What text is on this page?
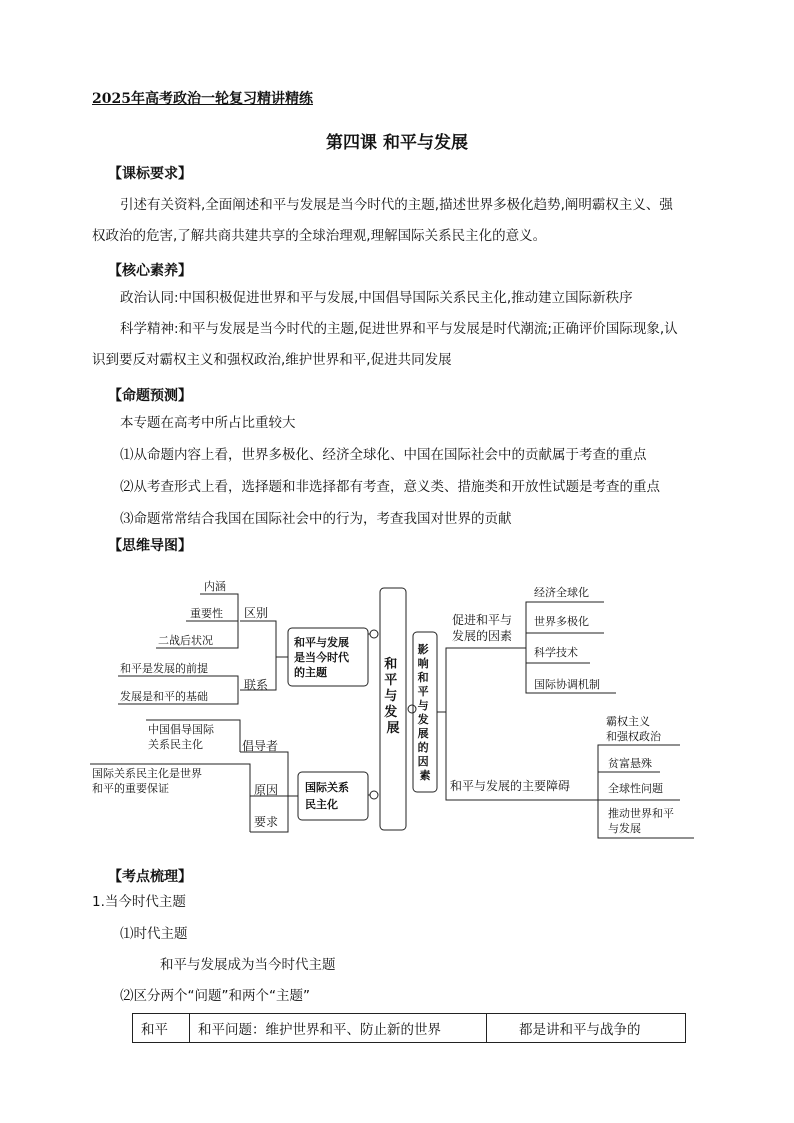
2025年高考政治一轮复习精讲精练
第四课 和平与发展
【课标要求】
引述有关资料,全面阐述和平与发展是当今时代的主题,描述世界多极化趋势,阐明霸权主义、强
权政治的危害,了解共商共建共享的全球治理观,理解国际关系民主化的意义。
【核心素养】
政治认同:中国积极促进世界和平与发展,中国倡导国际关系民主化,推动建立国际新秩序
科学精神:和平与发展是当今时代的主题,促进世界和平与发展是时代潮流;正确评价国际现象,认
识到要反对霸权主义和强权政治,维护世界和平,促进共同发展
【命题预测】
本专题在高考中所占比重较大
⑴从命题内容上看，世界多极化、经济全球化、中国在国际社会中的贡献属于考查的重点
⑵从考查形式上看，选择题和非选择都有考查，意义类、措施类和开放性试题是考查的重点
⑶命题常常结合我国在国际社会中的行为，考查我国对世界的贡献
【思维导图】
和 平 与 发 展
和平与发展 是当今时代 的主题
区别
联系
内涵
重要性
二战后状况
和平是发展的前提
发展是和平的基础
国际关系 民主化
倡导者
原因
要求
中国倡导国际 关系民主化
国际关系民主化是世界 和平的重要保证
影 响 和 平 与 发 展 的 因 素
促进和平与 发展的因素
和平与发展的主要障碍
经济全球化
世界多极化
科学技术
国际协调机制
霸权主义 和强权政治
贫富悬殊
全球性问题
推动世界和平 与发展
【考点梳理】
1.当今时代主题
⑴时代主题
和平与发展成为当今时代主题
⑵区分两个“问题”和两个“主题”
和平	和平问题：维护世界和平、防止新的世界	都是讲和平与战争的
